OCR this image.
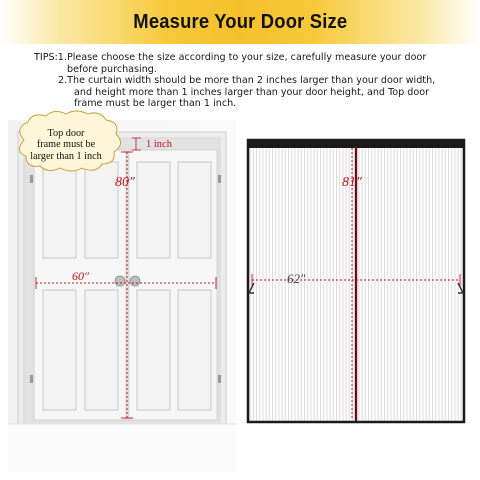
Measure Your Door Size

TIPS:1.Please choose the size according to your size, carefully measure your door

before purchasing.

2.The curtain width should be more than 2 inches larger than your door width,

and height more than 1 inches larger than your door height, and Top door

frame must be larger than 1 inch.

Top door
frame must be
larger than 1 inch
1 inch
80″
60″
81″
62″
